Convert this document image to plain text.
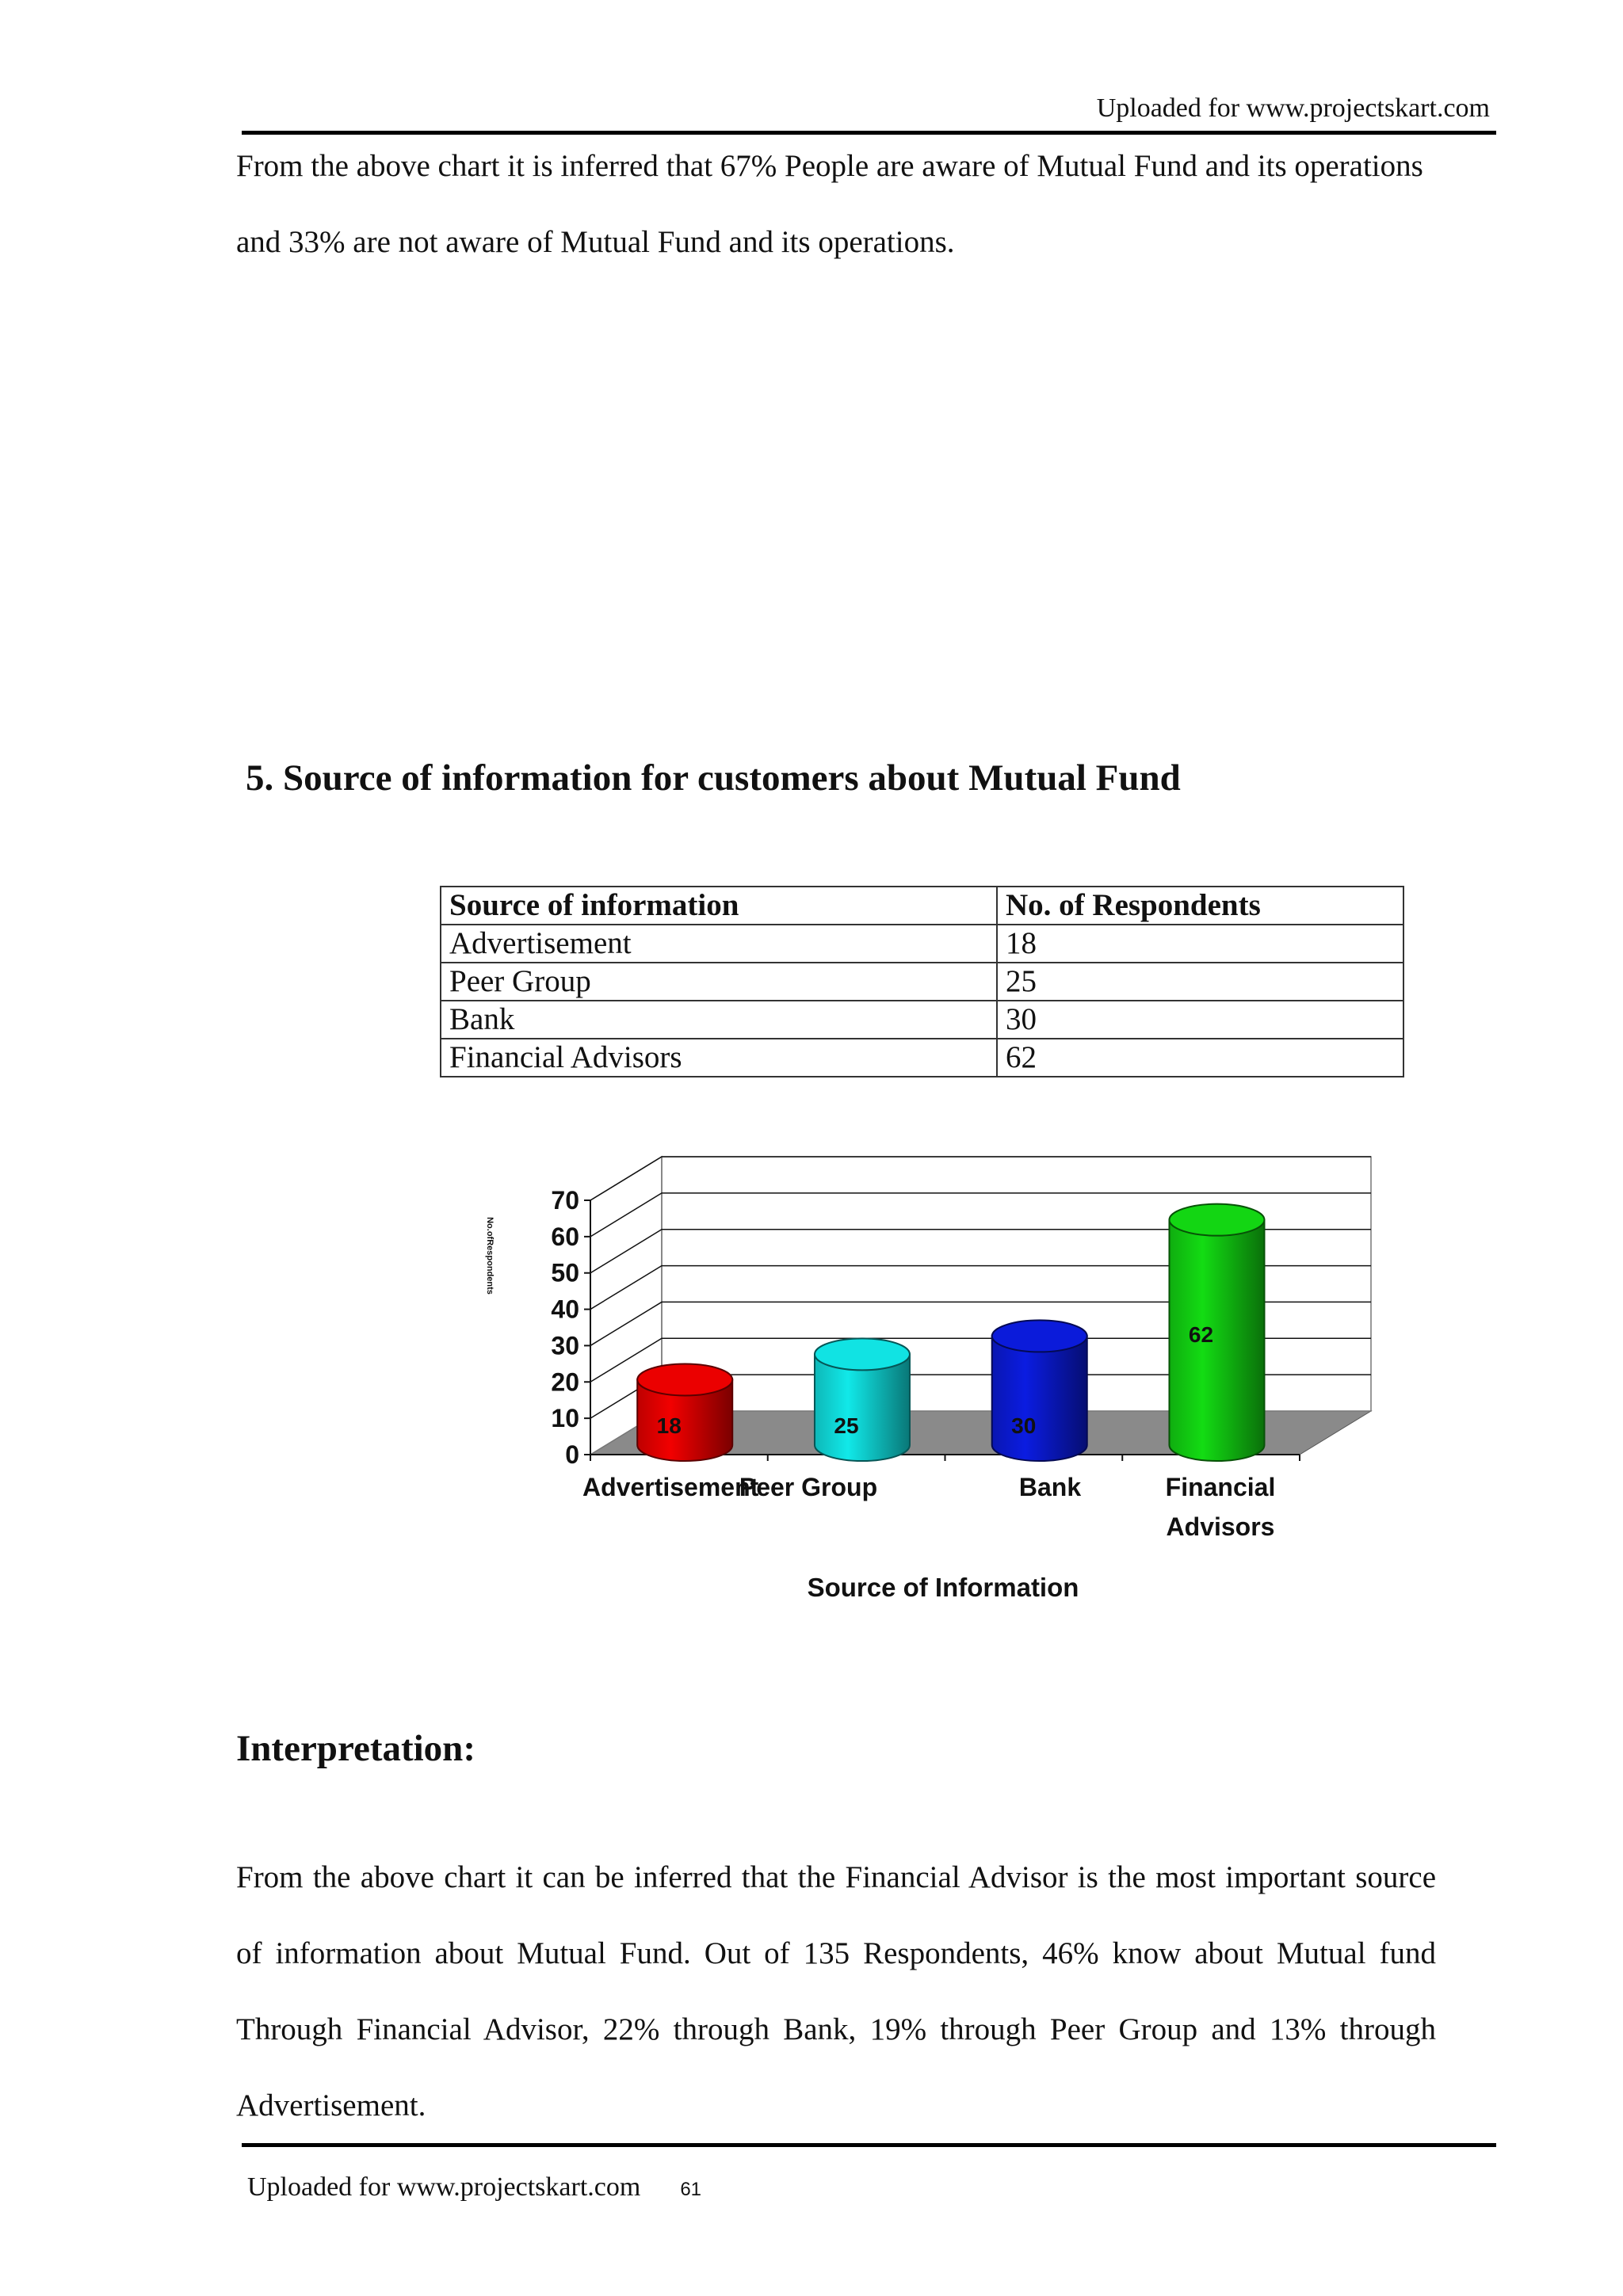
Uploaded for www.projectskart.com

From the above chart it is inferred that 67% People are aware of Mutual Fund and its operations and 33% are not aware of Mutual Fund and its operations.

5. Source of information for customers about Mutual Fund
Source of information	No. of Respondents
Advertisement	18
Peer Group	25
Bank	30
Financial Advisors	62
18	25	30
62
0
10
20
30
40
50
60
70
Advertisement
Peer Group	Bank	Financial Advisors
Source of Information
No.ofRespondents
Interpretation:

From the above chart it can be inferred that the Financial Advisor is the most important source of information about Mutual Fund. Out of 135 Respondents, 46% know about Mutual fund Through Financial Advisor, 22% through Bank, 19% through Peer Group and 13% through Advertisement.

Uploaded for www.projectskart.com 61
